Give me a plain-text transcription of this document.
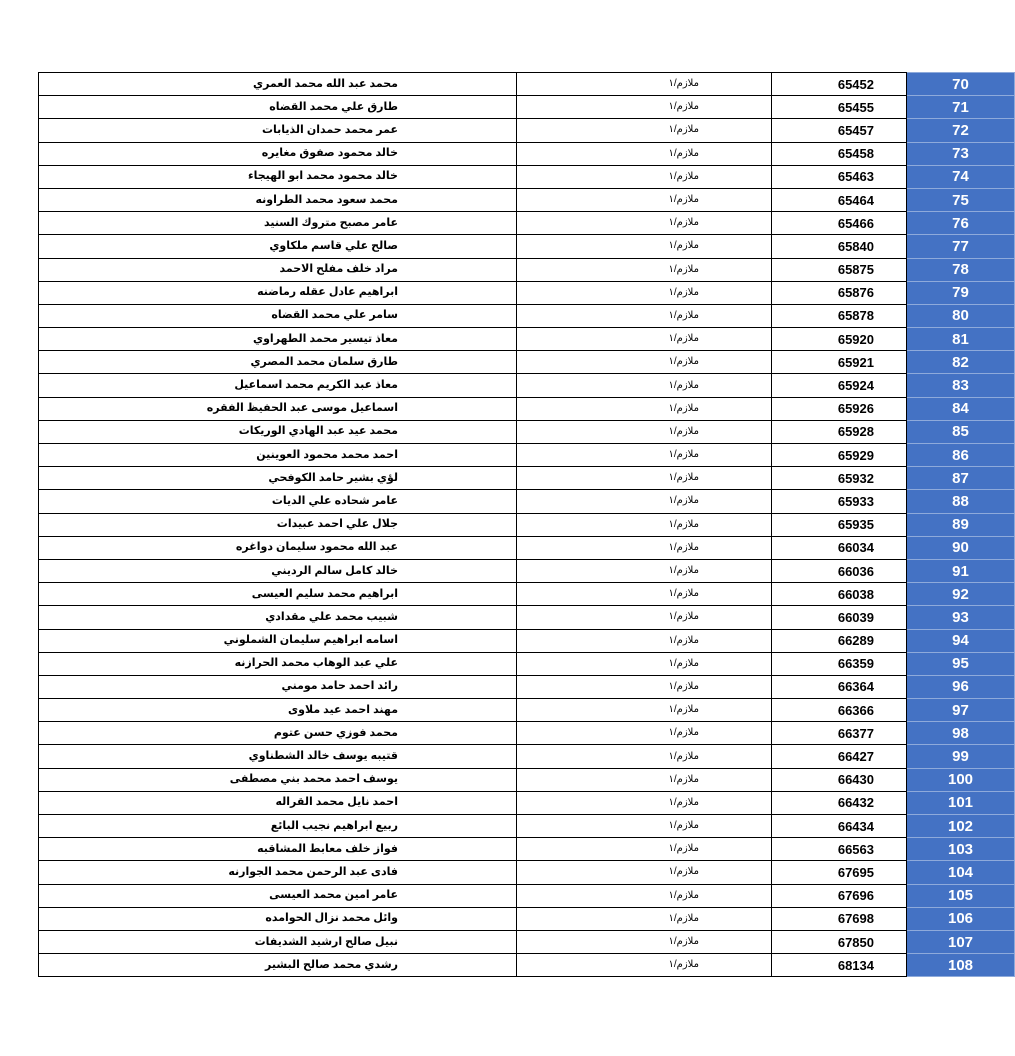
محمد عبد الله محمد العمري	ملازم/١	65452	70
طارق علي محمد القضاه	ملازم/١	65455	71
عمر محمد حمدان الذيابات	ملازم/١	65457	72
خالد محمود صفوق مغايره	ملازم/١	65458	73
خالد محمود محمد ابو الهيجاء	ملازم/١	65463	74
محمد سعود محمد الطراونه	ملازم/١	65464	75
عامر مصبح متروك السنيد	ملازم/١	65466	76
صالح علي قاسم ملكاوي	ملازم/١	65840	77
مراد خلف مفلح الاحمد	ملازم/١	65875	78
ابراهيم عادل عقله رماضنه	ملازم/١	65876	79
سامر علي محمد القضاه	ملازم/١	65878	80
معاذ تيسير محمد الطهراوي	ملازم/١	65920	81
طارق سلمان محمد المصري	ملازم/١	65921	82
معاذ عبد الكريم محمد اسماعيل	ملازم/١	65924	83
اسماعيل موسى عبد الحفيظ الفقره	ملازم/١	65926	84
محمد عيد عبد الهادي الوريكات	ملازم/١	65928	85
احمد محمد محمود العوينين	ملازم/١	65929	86
لؤي بشير حامد الكوفحي	ملازم/١	65932	87
عامر شحاده علي الديات	ملازم/١	65933	88
جلال علي احمد عبيدات	ملازم/١	65935	89
عبد الله محمود سليمان دواغره	ملازم/١	66034	90
خالد كامل سالم الرديني	ملازم/١	66036	91
ابراهيم محمد سليم العيسى	ملازم/١	66038	92
شبيب محمد علي مقدادي	ملازم/١	66039	93
اسامه ابراهيم سليمان الشملوني	ملازم/١	66289	94
علي عبد الوهاب محمد الحرازنه	ملازم/١	66359	95
رائد احمد حامد مومني	ملازم/١	66364	96
مهند احمد عيد ملاوى	ملازم/١	66366	97
محمد فوزي حسن عتوم	ملازم/١	66377	98
قتيبه يوسف خالد الشطناوي	ملازم/١	66427	99
يوسف احمد محمد بني مصطفى	ملازم/١	66430	100
احمد نايل محمد القراله	ملازم/١	66432	101
ربيع ابراهيم نجيب البائع	ملازم/١	66434	102
فواز خلف معابط المشاقبه	ملازم/١	66563	103
فادى عبد الرحمن محمد الجوارنه	ملازم/١	67695	104
عامر امين محمد العيسى	ملازم/١	67696	105
وائل محمد نزال الحوامده	ملازم/١	67698	106
نبيل صالح ارشيد الشديفات	ملازم/١	67850	107
رشدي محمد صالح البشير	ملازم/١	68134	108
